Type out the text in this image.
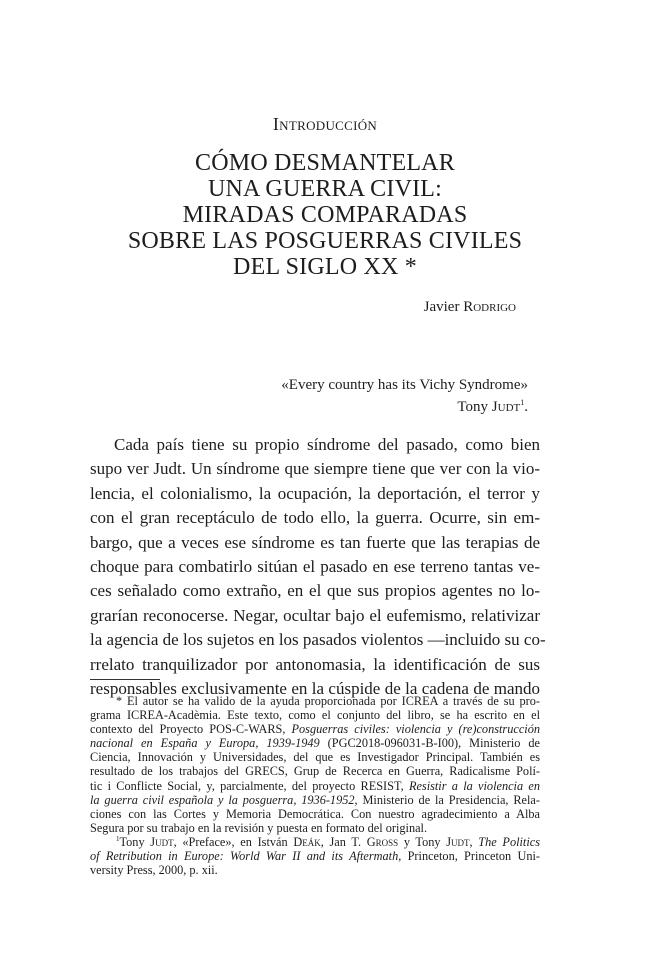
Introducción
CÓMO DESMANTELAR
UNA GUERRA CIVIL:
MIRADAS COMPARADAS
SOBRE LAS POSGUERRAS CIVILES
DEL SIGLO XX *
Javier Rodrigo
«Every country has its Vichy Syndrome»
Tony Judt$^1$.
Cada país tiene su propio síndrome del pasado, como bien
supo ver Judt. Un síndrome que siempre tiene que ver con la vio-
lencia, el colonialismo, la ocupación, la deportación, el terror y
con el gran receptáculo de todo ello, la guerra. Ocurre, sin em-
bargo, que a veces ese síndrome es tan fuerte que las terapias de
choque para combatirlo sitúan el pasado en ese terreno tantas ve-
ces señalado como extraño, en el que sus propios agentes no lo-
grarían reconocerse. Negar, ocultar bajo el eufemismo, relativizar
la agencia de los sujetos en los pasados violentos —incluido su co-
rrelato tranquilizador por antonomasia, la identificación de sus
responsables exclusivamente en la cúspide de la cadena de mando
* El autor se ha valido de la ayuda proporcionada por ICREA a través de su pro-
grama ICREA-Acadèmia. Este texto, como el conjunto del libro, se ha escrito en el
contexto del Proyecto POS-C-WARS, Posguerras civiles: violencia y (re)construcción
nacional en España y Europa, 1939-1949 (PGC2018-096031-B-I00), Ministerio de
Ciencia, Innovación y Universidades, del que es Investigador Principal. También es
resultado de los trabajos del GRECS, Grup de Recerca en Guerra, Radicalisme Polí-
tic i Conflicte Social, y, parcialmente, del proyecto RESIST, Resistir a la violencia en
la guerra civil española y la posguerra, 1936-1952, Ministerio de la Presidencia, Rela-
ciones con las Cortes y Memoria Democrática. Con nuestro agradecimiento a Alba
Segura por su trabajo en la revisión y puesta en formato del original.
$^1$Tony Judt, «Preface», en István Deák, Jan T. Gross y Tony Judt, The Politics
of Retribution in Europe: World War II and its Aftermath, Princeton, Princeton Uni-
versity Press, 2000, p. xii.
